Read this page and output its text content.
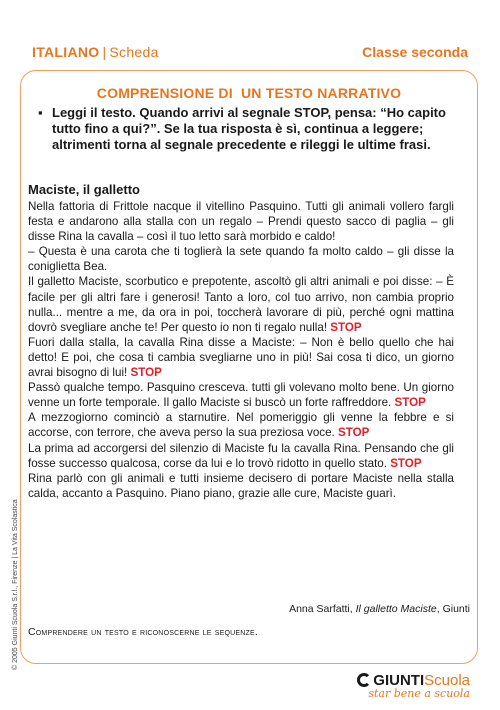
ITALIANO | Scheda	Classe seconda
COMPRENSIONE DI  UN TESTO NARRATIVO
▪ Leggi il testo. Quando arrivi al segnale STOP, pensa: “Ho capito tutto fino a qui?”. Se la tua risposta è sì, continua a leggere; altrimenti torna al segnale precedente e rileggi le ultime frasi.
Maciste, il galletto

Nella fattoria di Frittole nacque il vitellino Pasquino. Tutti gli animali vollero fargli festa e andarono alla stalla con un regalo – Prendi questo sacco di paglia – gli disse Rina la cavalla – così il tuo letto sarà morbido e caldo!

– Questa è una carota che ti toglierà la sete quando fa molto caldo – gli disse la coniglietta Bea.

Il galletto Maciste, scorbutico e prepotente, ascoltò gli altri animali e poi disse: – È facile per gli altri fare i generosi! Tanto a loro, col tuo arrivo, non cambia proprio nulla... mentre a me, da ora in poi, toccherà lavorare di più, perché ogni mattina dovrò svegliare anche te! Per questo io non ti regalo nulla! STOP

Fuori dalla stalla, la cavalla Rina disse a Maciste: – Non è bello quello che hai detto! E poi, che cosa ti cambia svegliarne uno in più! Sai cosa ti dico, un giorno avrai bisogno di lui! STOP

Passò qualche tempo. Pasquino cresceva. tutti gli volevano molto bene. Un giorno venne un forte temporale. Il gallo Maciste si buscò un forte raffreddore. STOP

A mezzogiorno cominciò a starnutire. Nel pomeriggio gli venne la febbre e si accorse, con terrore, che aveva perso la sua preziosa voce. STOP

La prima ad accorgersi del silenzio di Maciste fu la cavalla Rina. Pensando che gli fosse successo qualcosa, corse da lui e lo trovò ridotto in quello stato. STOP

Rina parlò con gli animali e tutti insieme decisero di portare Maciste nella stalla calda, accanto a Pasquino. Piano piano, grazie alle cure, Maciste guarì.

Anna Sarfatti, Il galletto Maciste, Giunti
Comprendere un testo e riconoscerne le sequenze.
© 2005 Giunti Scuola S.r.l., Firenze | La Vita Scolastica
GIUNTIScuola
star bene a scuola
